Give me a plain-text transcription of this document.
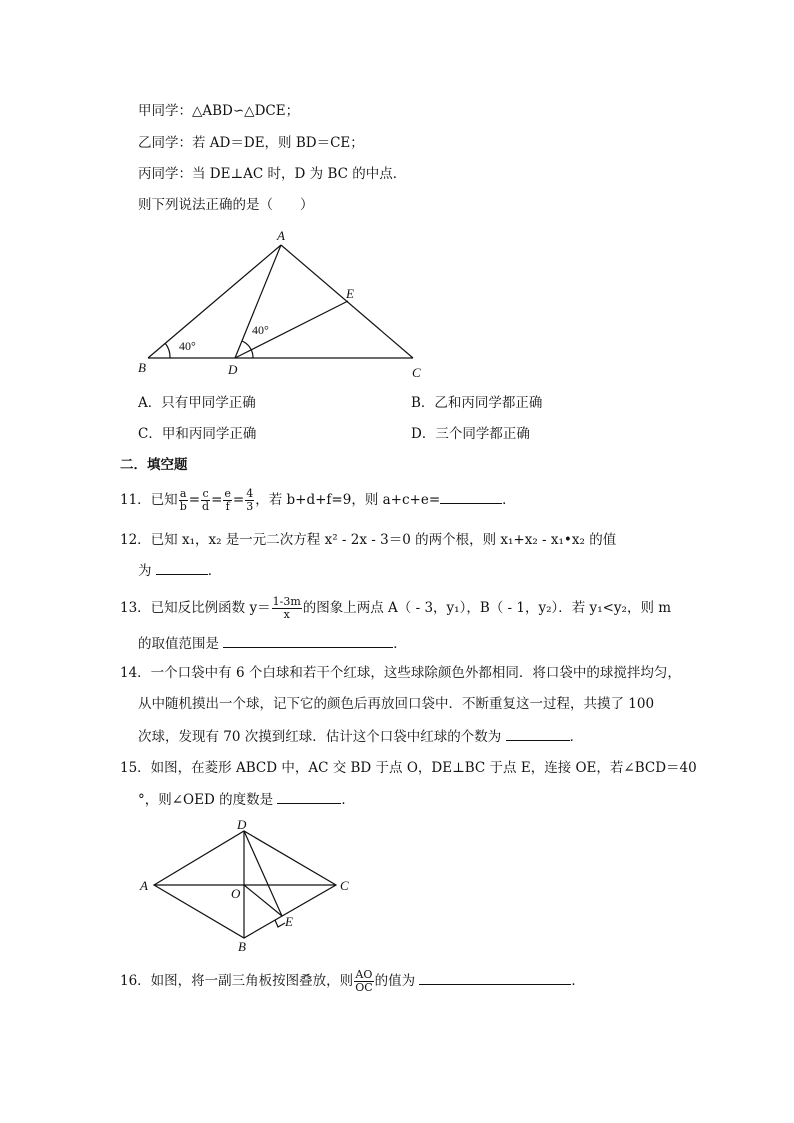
甲同学：△ABD∽△DCE；
乙同学：若 AD＝DE，则 BD＝CE；
丙同学：当 DE⊥AC 时，D 为 BC 的中点．
则下列说法正确的是（　　）
A
B	D	C
E
40°
40°
A．只有甲同学正确	B．乙和丙同学都正确
C．甲和丙同学正确	D．三个同学都正确
二．填空题
11．已知 $\frac{a}{b} = \frac{c}{d} = \frac{e}{f} = \frac{4}{3}$ ，若 b+d+f=9，则 a+c+e=	．
12．已知 x₁，x₂ 是一元二次方程 x² - 2x - 3＝0 的两个根，则 x₁+x₂ - x₁•x₂ 的值
为	．
13．已知反比例函数 $y= \frac{1-3m}{x}$ 的图象上两点 A（ - 3，y₁），B（ - 1，y₂）．若 y₁<y₂，则 m
的取值范围是	．
14．一个口袋中有 6 个白球和若干个红球，这些球除颜色外都相同．将口袋中的球搅拌均匀，
从中随机摸出一个球，记下它的颜色后再放回口袋中．不断重复这一过程，共摸了 100
次球，发现有 70 次摸到红球．估计这个口袋中红球的个数为	．
15．如图，在菱形 ABCD 中，AC 交 BD 于点 O，DE⊥BC 于点 E，连接 OE，若∠BCD＝40
°，则∠OED 的度数是	．
A
D
C
B
O
E
16．如图，将一副三角板按图叠放，则 $\frac{AO}{OC}$ 的值为	．
